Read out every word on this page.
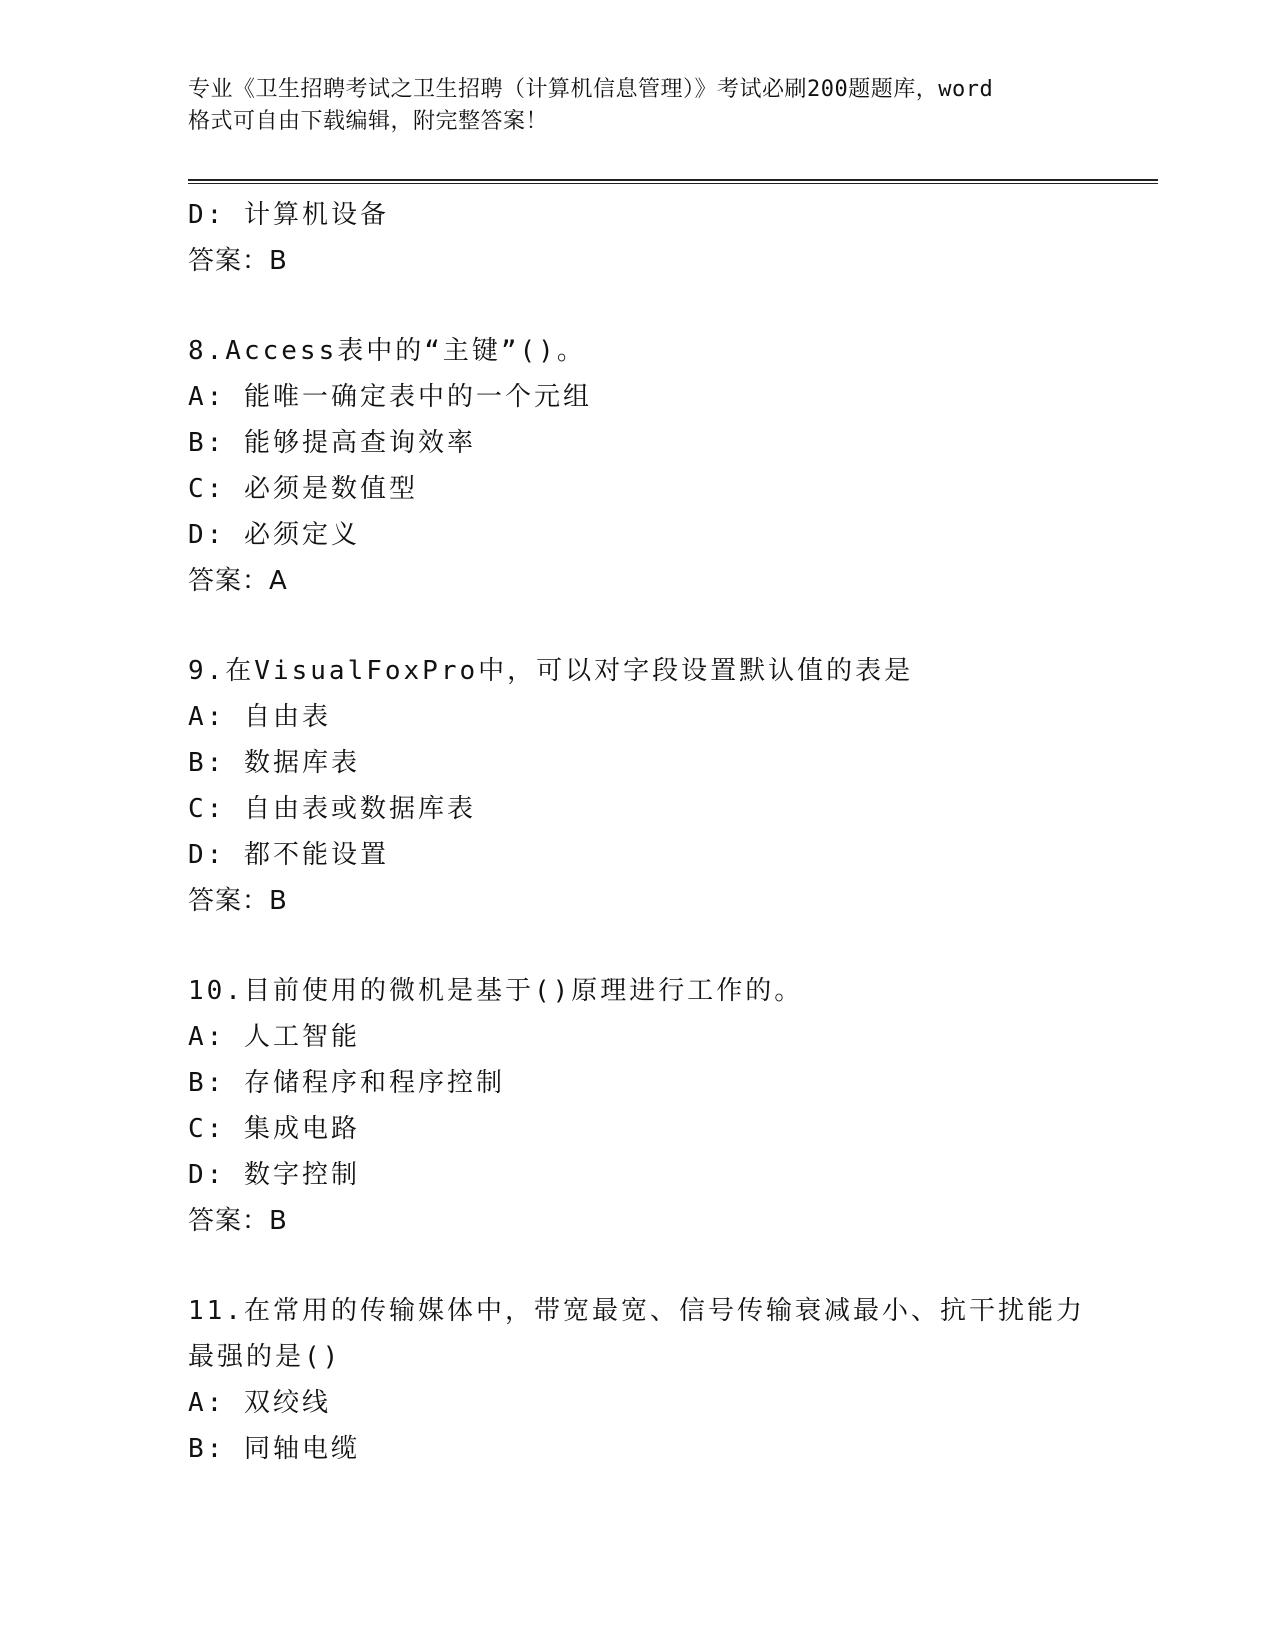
专业《卫生招聘考试之卫生招聘（计算机信息管理）》考试必刷200题题库，word
格式可自由下载编辑，附完整答案！
D: 计算机设备
答案：B
8.Access表中的“主键”()。
A: 能唯一确定表中的一个元组
B: 能够提高查询效率
C: 必须是数值型
D: 必须定义
答案：A
9.在VisualFoxPro中，可以对字段设置默认值的表是
A: 自由表
B: 数据库表
C: 自由表或数据库表
D: 都不能设置
答案：B
10.目前使用的微机是基于()原理进行工作的。
A: 人工智能
B: 存储程序和程序控制
C: 集成电路
D: 数字控制
答案：B
11.在常用的传输媒体中，带宽最宽、信号传输衰减最小、抗干扰能力
最强的是()
A: 双绞线
B: 同轴电缆
